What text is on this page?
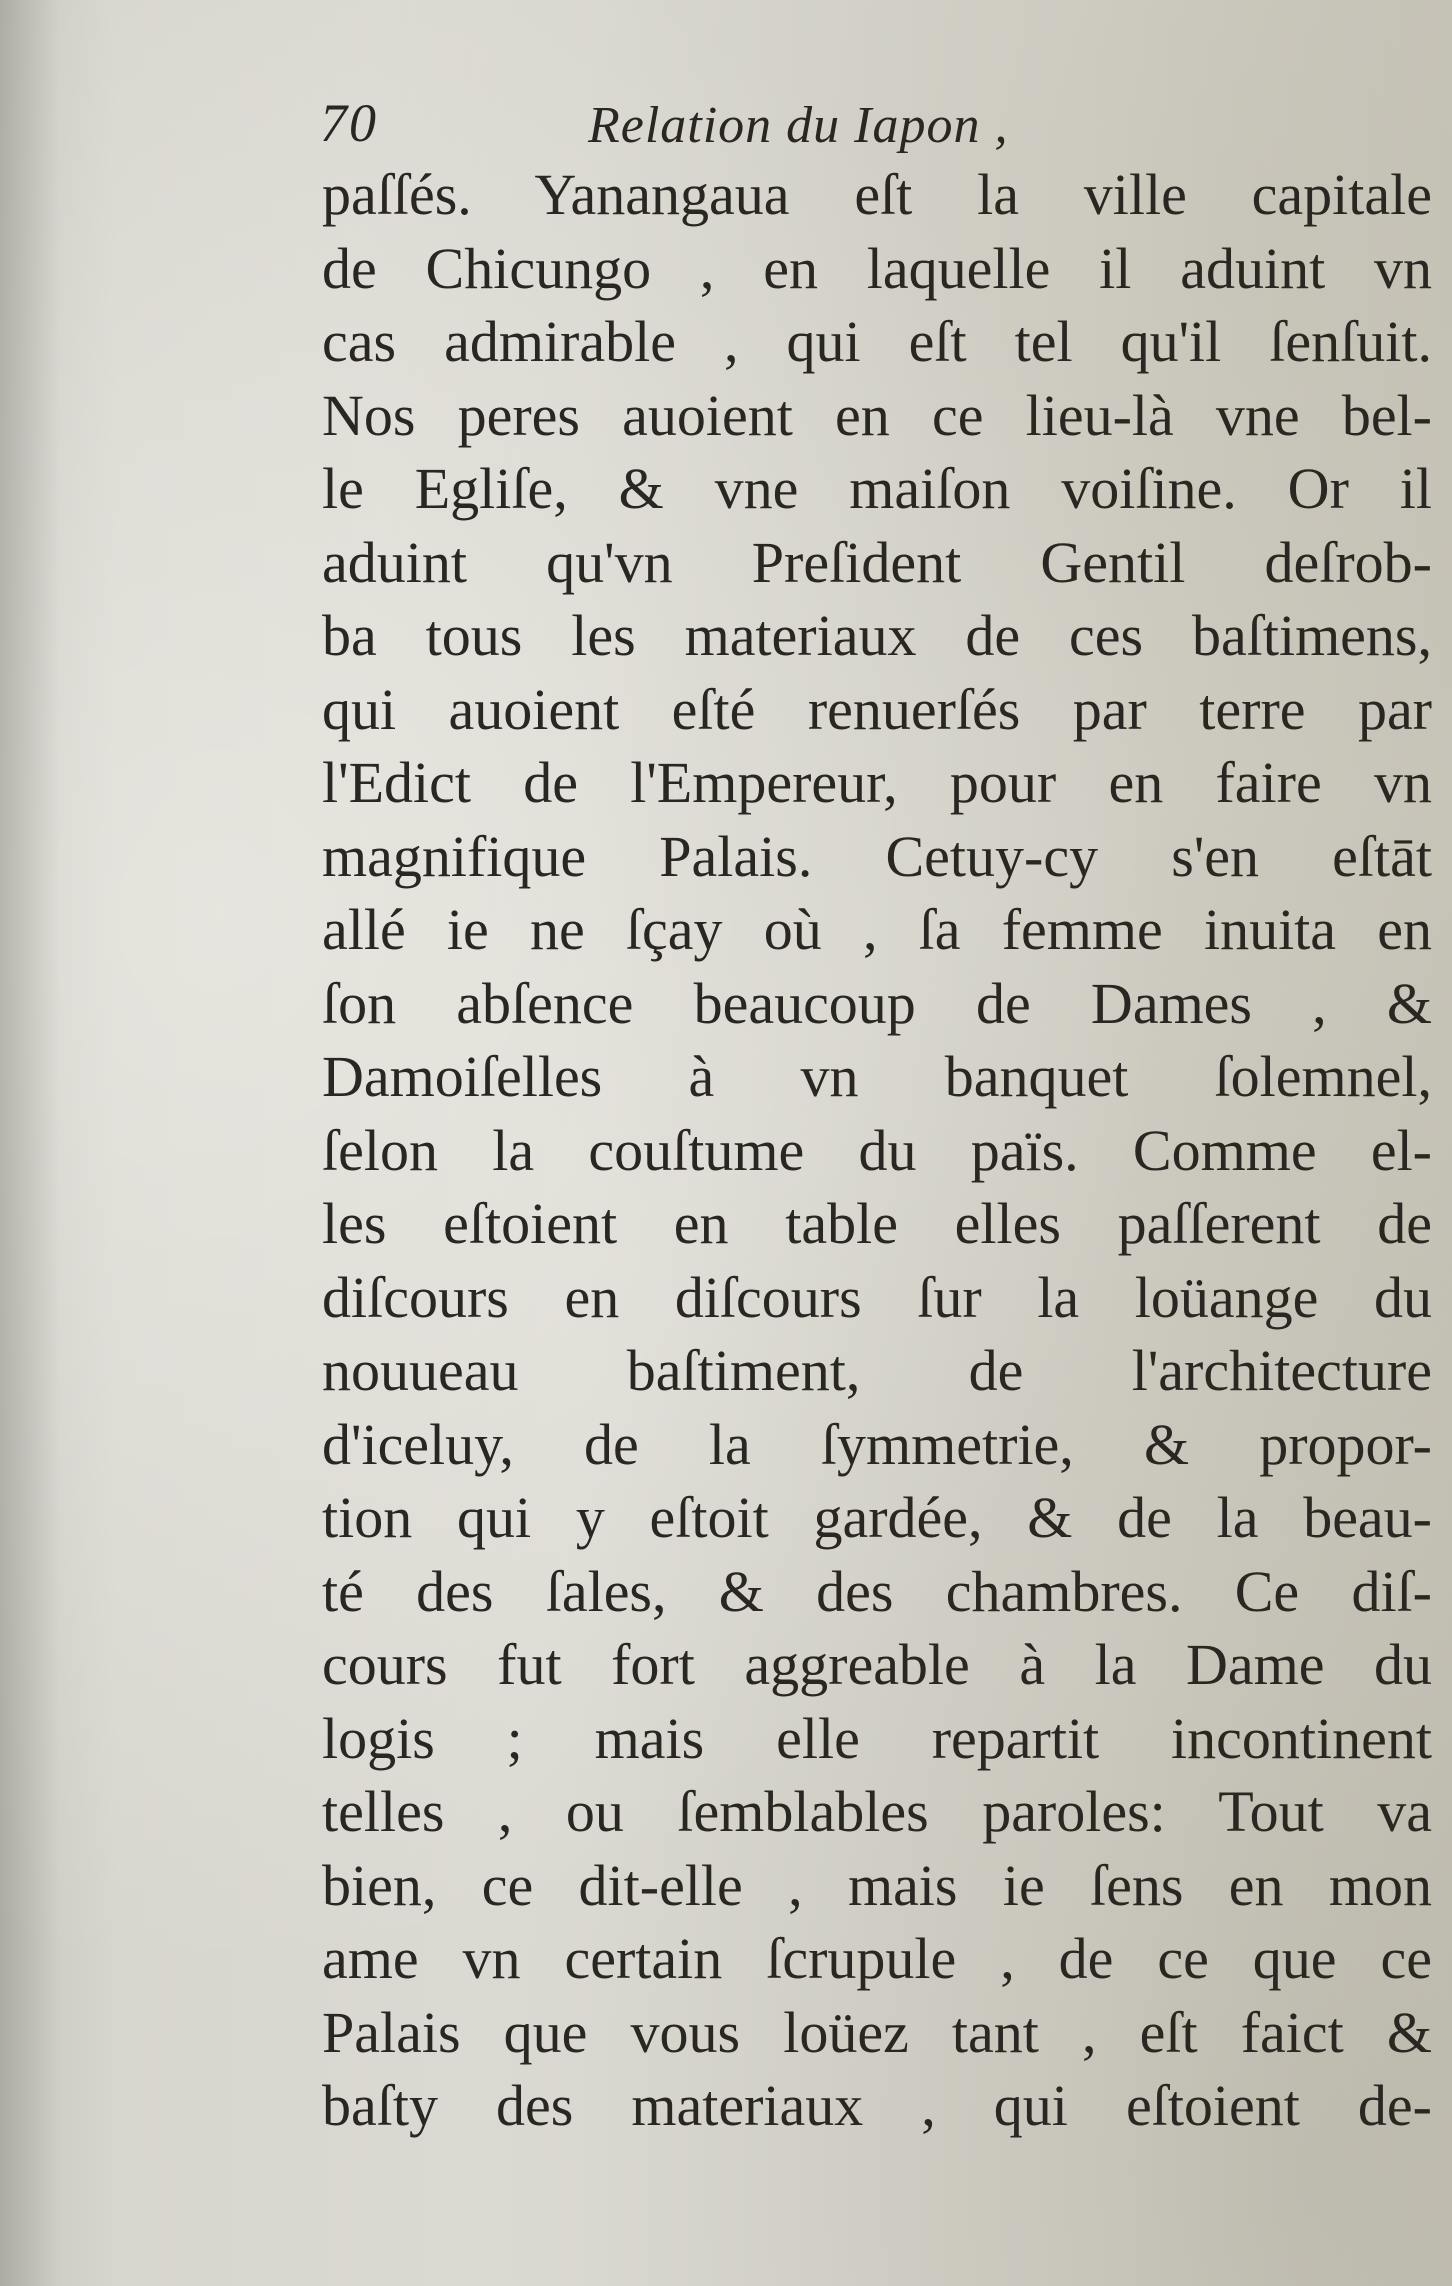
70	Relation du Iapon ,
paſſés. Yanangaua eſt la ville capitale
de Chicungo , en laquelle il aduint vn
cas admirable , qui eſt tel qu'il ſenſuit.
Nos peres auoient en ce lieu-là vne bel-
le Egliſe, & vne maiſon voiſine. Or il
aduint qu'vn Preſident Gentil deſrob-
ba tous les materiaux de ces baſtimens,
qui auoient eſté renuerſés par terre par
l'Edict de l'Empereur, pour en faire vn
magnifique Palais. Cetuy-cy s'en eſtāt
allé ie ne ſçay où , ſa femme inuita en
ſon abſence beaucoup de Dames , &
Damoiſelles à vn banquet ſolemnel,
ſelon la couſtume du païs. Comme el-
les eſtoient en table elles paſſerent de
diſcours en diſcours ſur la loüange du
nouueau baſtiment, de l'architecture
d'iceluy, de la ſymmetrie, & propor-
tion qui y eſtoit gardée, & de la beau-
té des ſales, & des chambres. Ce diſ-
cours fut fort aggreable à la Dame du
logis ; mais elle repartit incontinent
telles , ou ſemblables paroles: Tout va
bien, ce dit-elle , mais ie ſens en mon
ame vn certain ſcrupule , de ce que ce
Palais que vous loüez tant , eſt faict &
baſty des materiaux , qui eſtoient de-
